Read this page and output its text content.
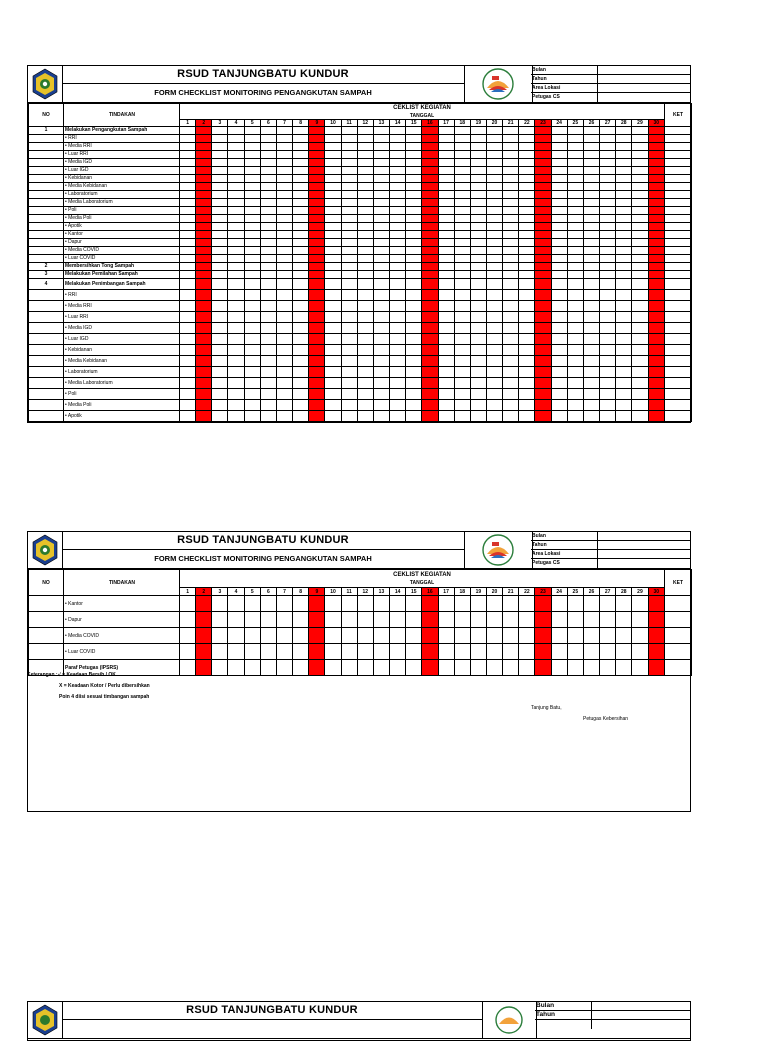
RSUD TANJUNGBATU KUNDUR
FORM CHECKLIST MONITORING PENGANGKUTAN SAMPAH
Bulan
Tahun
Area Lokasi
Petugas CS
NO	TINDAKAN	CEKLIST KEGIATAN																														KET
		TANGGAL																														
		1	2	3	4	5	6	7	8	9	10	11	12	13	14	15	16	17	18	19	20	21	22	23	24	25	26	27	28	29	30	
1	Melakukan Pengangkutan Sampah																															
	• RRI																															
	• Media RRI																															
	• Luar RRI																															
	• Media IGD																															
	• Luar IGD																															
	• Kebidanan																															
	• Media Kebidanan																															
	• Laboratorium																															
	• Media Laboratorium																															
	• Poli																															
	• Media Poli																															
	• Apotik																															
	• Kantor																															
	• Dapur																															
	• Media COVID																															
	• Luar COVID																															
2	Membersihkan Tong Sampah																															
3	Melakukan Pemilahan Sampah																															
4	Melakukan Penimbangan Sampah																															
	• RRI																															
	• Media RRI																															
	• Luar RRI																															
	• Media IGD																															
	• Luar IGD																															
	• Kebidanan																															
	• Media Kebidanan																															
	• Laboratorium																															
	• Media Laboratorium																															
	• Poli																															
	• Media Poli																															
	• Apotik																															
RSUD TANJUNGBATU KUNDUR
FORM CHECKLIST MONITORING PENGANGKUTAN SAMPAH
Bulan
Tahun
Area Lokasi
Petugas CS
NO	TINDAKAN	CEKLIST KEGIATAN																														KET
		TANGGAL																														
		1	2	3	4	5	6	7	8	9	10	11	12	13	14	15	16	17	18	19	20	21	22	23	24	25	26	27	28	29	30	
	• Kantor																															
	• Dapur																															
	• Media COVID																															
	• Luar COVID																															
	Paraf Petugas (IPSRS)																															
Keterangan : √ = Keadaan Bersih / OK
X = Keadaan Kotor / Perlu dibersihkan
Poin 4 diisi sesuai timbangan sampah
Tanjung Batu,
Petugas Kebersihan
RSUD TANJUNGBATU KUNDUR	Bulan
Tahun
